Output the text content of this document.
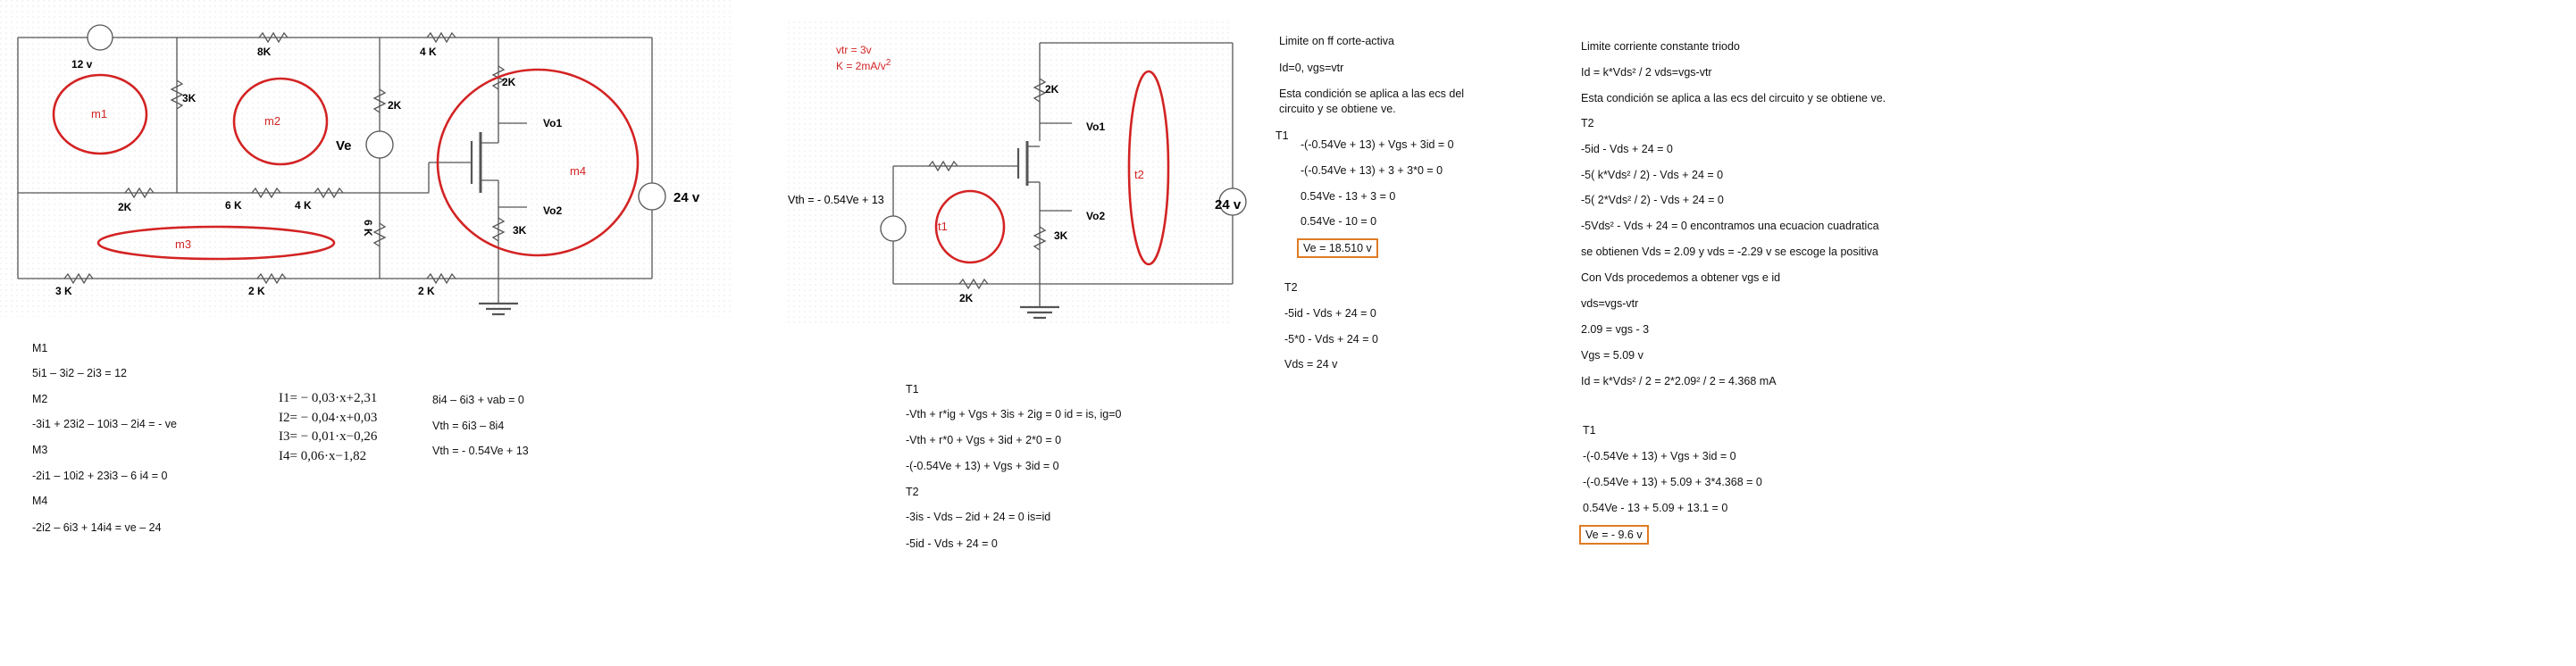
12 v
3K
8K	4 K
2K
Ve
2K
Vo1
Vo2
3K
2K	6 K	4 K
6 K
3 K	2 K	2 K
24 v
m1
m2
m3
m4
vtr = 3v
$K = 2mA/v^2$
Vth = - 0.54Ve + 13
2K
Vo1
Vo2
3K
2K
24 v
t1
t2
M1
5i1 – 3i2 – 2i3 = 12
M2
-3i1 + 23i2 – 10i3 – 2i4 = - ve
M3
-2i1 – 10i2 + 23i3 – 6 i4 = 0
M4
-2i2 – 6i3 + 14i4 = ve – 24
I1= − 0,03·x+2,31
I2= − 0,04·x+0,03
I3= − 0,01·x−0,26
I4= 0,06·x−1,82
8i4 – 6i3 + vab = 0
Vth = 6i3 – 8i4
Vth = - 0.54Ve + 13
T1
-Vth + r*ig + Vgs + 3is + 2ig = 0 id = is, ig=0
-Vth + r*0 + Vgs + 3id + 2*0 = 0
-(-0.54Ve + 13) + Vgs + 3id = 0
T2
-3is - Vds – 2id + 24 = 0 is=id
-5id - Vds + 24 = 0
Limite on ff corte-activa
Id=0, vgs=vtr
Esta condición se aplica a las ecs del
circuito y se obtiene ve.
T1
-(-0.54Ve + 13) + Vgs + 3id = 0
-(-0.54Ve + 13) + 3 + 3*0 = 0
0.54Ve - 13 + 3 = 0
0.54Ve - 10 = 0
Ve = 18.510 v
T2
-5id - Vds + 24 = 0
-5*0 - Vds + 24 = 0
Vds = 24 v
Limite corriente constante triodo
Id = k*Vds² / 2 vds=vgs-vtr
Esta condición se aplica a las ecs del circuito y se obtiene ve.
T2
-5id - Vds + 24 = 0
-5( k*Vds² / 2) - Vds + 24 = 0
-5( 2*Vds² / 2) - Vds + 24 = 0
-5Vds² - Vds + 24 = 0 encontramos una ecuacion cuadratica
se obtienen Vds = 2.09 y vds = -2.29 v se escoge la positiva
Con Vds procedemos a obtener vgs e id
vds=vgs-vtr
2.09 = vgs - 3
Vgs = 5.09 v
Id = k*Vds² / 2 = 2*2.09² / 2 = 4.368 mA
T1
-(-0.54Ve + 13) + Vgs + 3id = 0
-(-0.54Ve + 13) + 5.09 + 3*4.368 = 0
0.54Ve - 13 + 5.09 + 13.1 = 0
Ve = - 9.6 v
